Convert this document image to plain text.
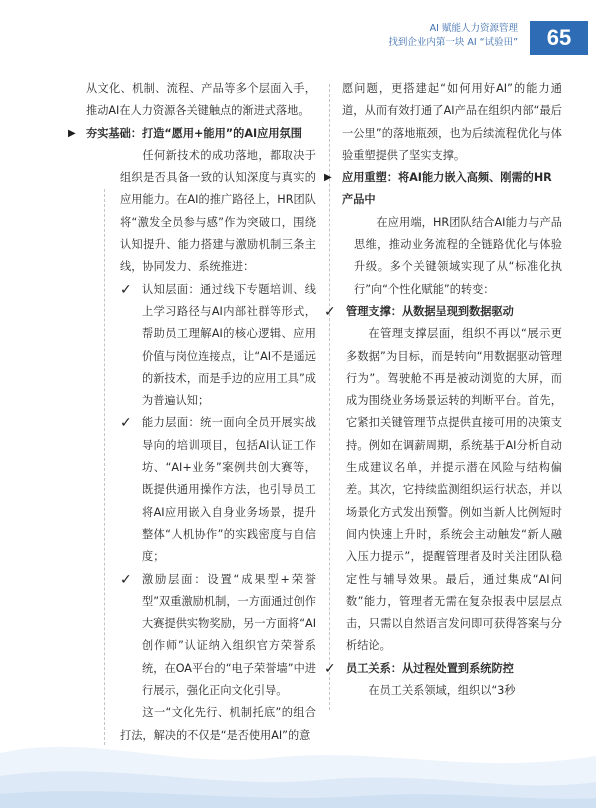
AI 赋能人力资源管理
找到企业内第一块 AI “试验田”	65

从文化、机制、流程、产品等多个层面入手，推动AI在人力资源各关键触点的渐进式落地。

▶ 夯实基础：打造“愿用+能用”的AI应用氛围

任何新技术的成功落地，都取决于组织是否具备一致的认知深度与真实的应用能力。在AI的推广路径上，HR团队将“激发全员参与感”作为突破口，围绕认知提升、能力搭建与激励机制三条主线，协同发力、系统推进：

✓ 认知层面：通过线下专题培训、线上学习路径与AI内部社群等形式，帮助员工理解AI的核心逻辑、应用价值与岗位连接点，让“AI不是遥远的新技术，而是手边的应用工具”成为普遍认知；

✓ 能力层面：统一面向全员开展实战导向的培训项目，包括AI认证工作坊、“AI+业务”案例共创大赛等，既提供通用操作方法，也引导员工将AI应用嵌入自身业务场景，提升整体“人机协作”的实践密度与自信度；

✓ 激励层面：设置“成果型+荣誉型”双重激励机制，一方面通过创作大赛提供实物奖励，另一方面将“AI创作师”认证纳入组织官方荣誉系统，在OA平台的“电子荣誉墙”中进行展示，强化正向文化引导。

这一“文化先行、机制托底”的组合打法，解决的不仅是“是否使用AI”的意

愿问题，更搭建起“如何用好AI”的能力通道，从而有效打通了AI产品在组织内部“最后一公里”的落地瓶颈，也为后续流程优化与体验重塑提供了坚实支撑。

▶ 应用重塑：将AI能力嵌入高频、刚需的HR产品中

在应用端，HR团队结合AI能力与产品思维，推动业务流程的全链路优化与体验升级。多个关键领域实现了从“标准化执行”向“个性化赋能”的转变：

✓ 管理支撑：从数据呈现到数据驱动

在管理支撑层面，组织不再以“展示更多数据”为目标，而是转向“用数据驱动管理行为”。驾驶舱不再是被动浏览的大屏，而成为围绕业务场景运转的判断平台。首先，它紧扣关键管理节点提供直接可用的决策支持。例如在调薪周期，系统基于AI分析自动生成建议名单，并提示潜在风险与结构偏差。其次，它持续监测组织运行状态，并以场景化方式发出预警。例如当新人比例短时间内快速上升时，系统会主动触发“新人融入压力提示”，提醒管理者及时关注团队稳定性与辅导效果。最后，通过集成“AI问数”能力，管理者无需在复杂报表中层层点击，只需以自然语言发问即可获得答案与分析结论。

✓ 员工关系：从过程处置到系统防控

在员工关系领域，组织以“3秒
